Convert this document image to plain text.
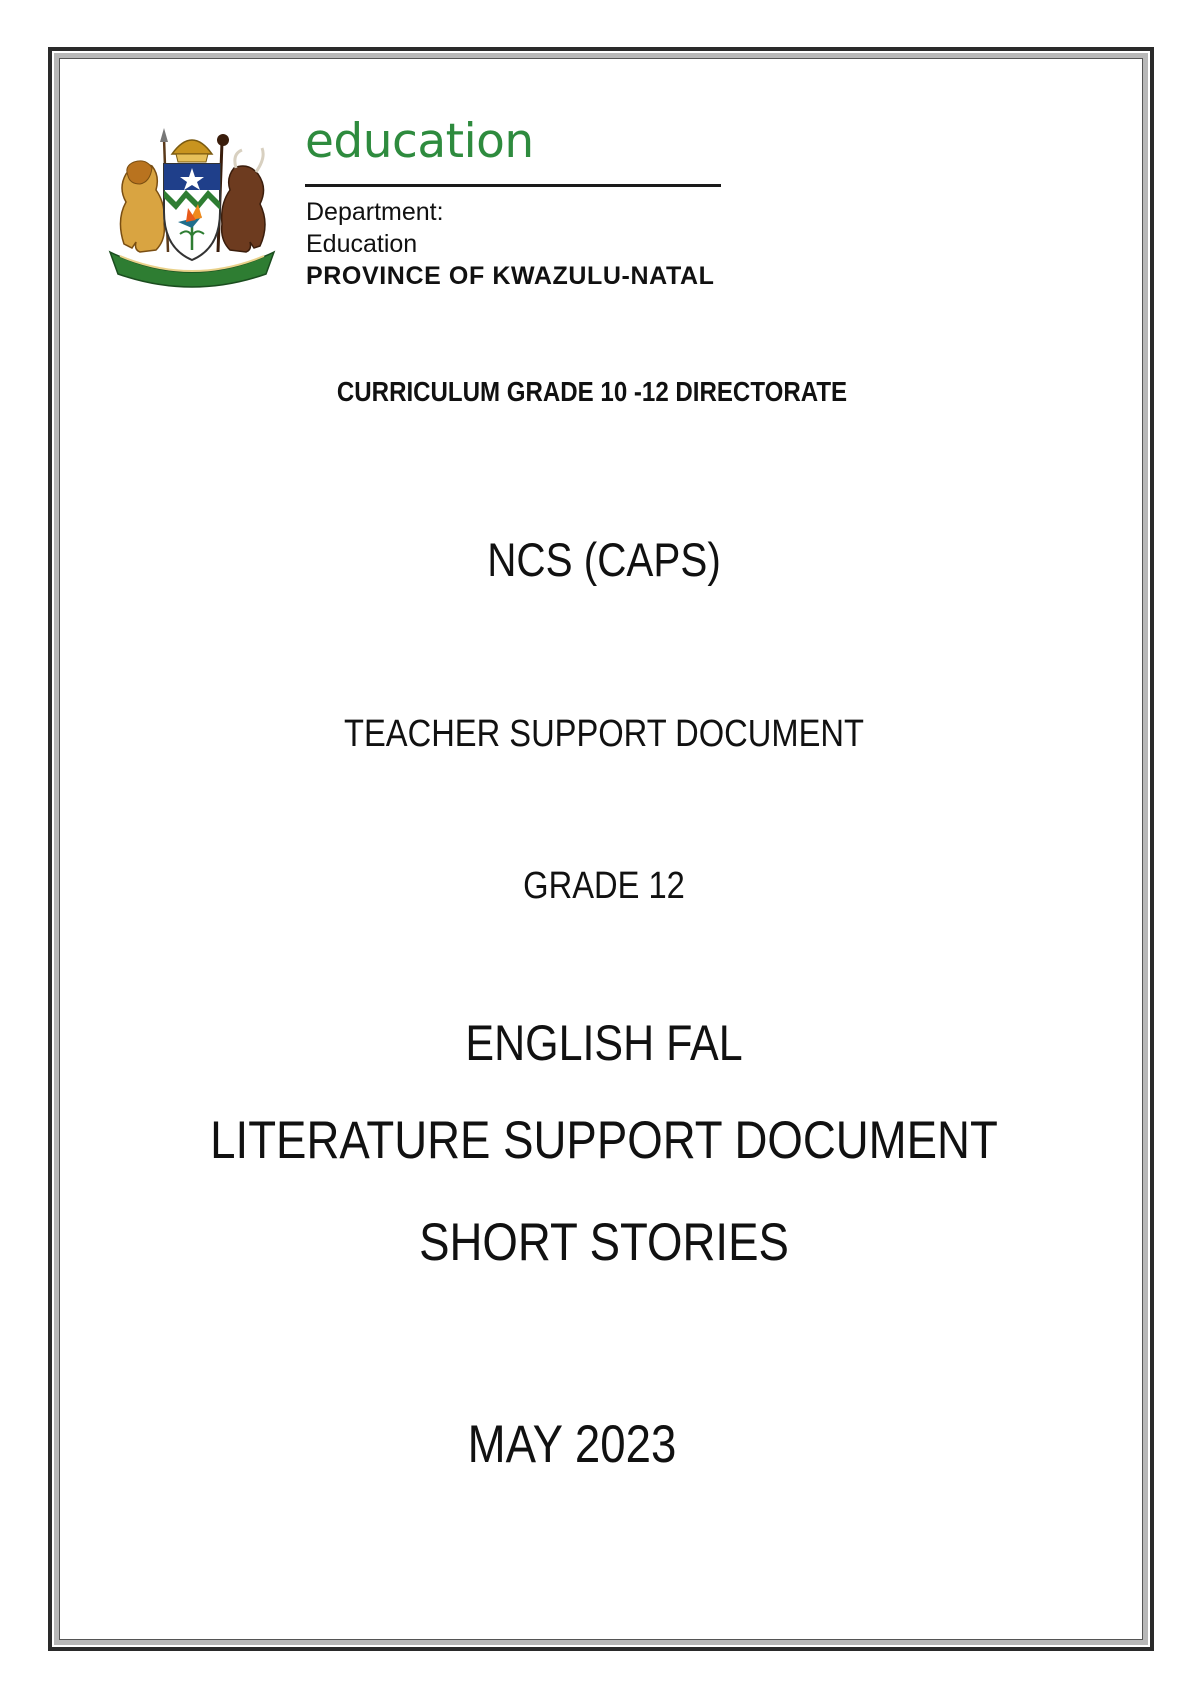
education
Department:
Education
PROVINCE OF KWAZULU-NATAL
CURRICULUM GRADE 10 -12 DIRECTORATE
NCS (CAPS)
TEACHER SUPPORT DOCUMENT
GRADE 12
ENGLISH FAL
LITERATURE SUPPORT DOCUMENT
SHORT STORIES
MAY 2023
